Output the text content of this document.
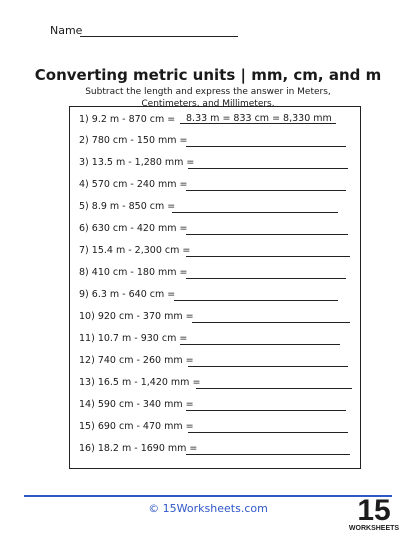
Name
Converting metric units | mm, cm, and m
Subtract the length and express the answer in Meters,
Centimeters, and Millimeters.
1) 9.2 m - 870 cm = 8.33 m = 833 cm = 8,330 mm
2) 780 cm - 150 mm =
3) 13.5 m - 1,280 mm =
4) 570 cm - 240 mm =
5) 8.9 m - 850 cm =
6) 630 cm - 420 mm =
7) 15.4 m - 2,300 cm =
8) 410 cm - 180 mm =
9) 6.3 m - 640 cm =
10) 920 cm - 370 mm =
11) 10.7 m - 930 cm =
12) 740 cm - 260 mm =
13) 16.5 m - 1,420 mm =
14) 590 cm - 340 mm =
15) 690 cm - 470 mm =
16) 18.2 m - 1690 mm =
© 15Worksheets.com	15
WORKSHEETS
